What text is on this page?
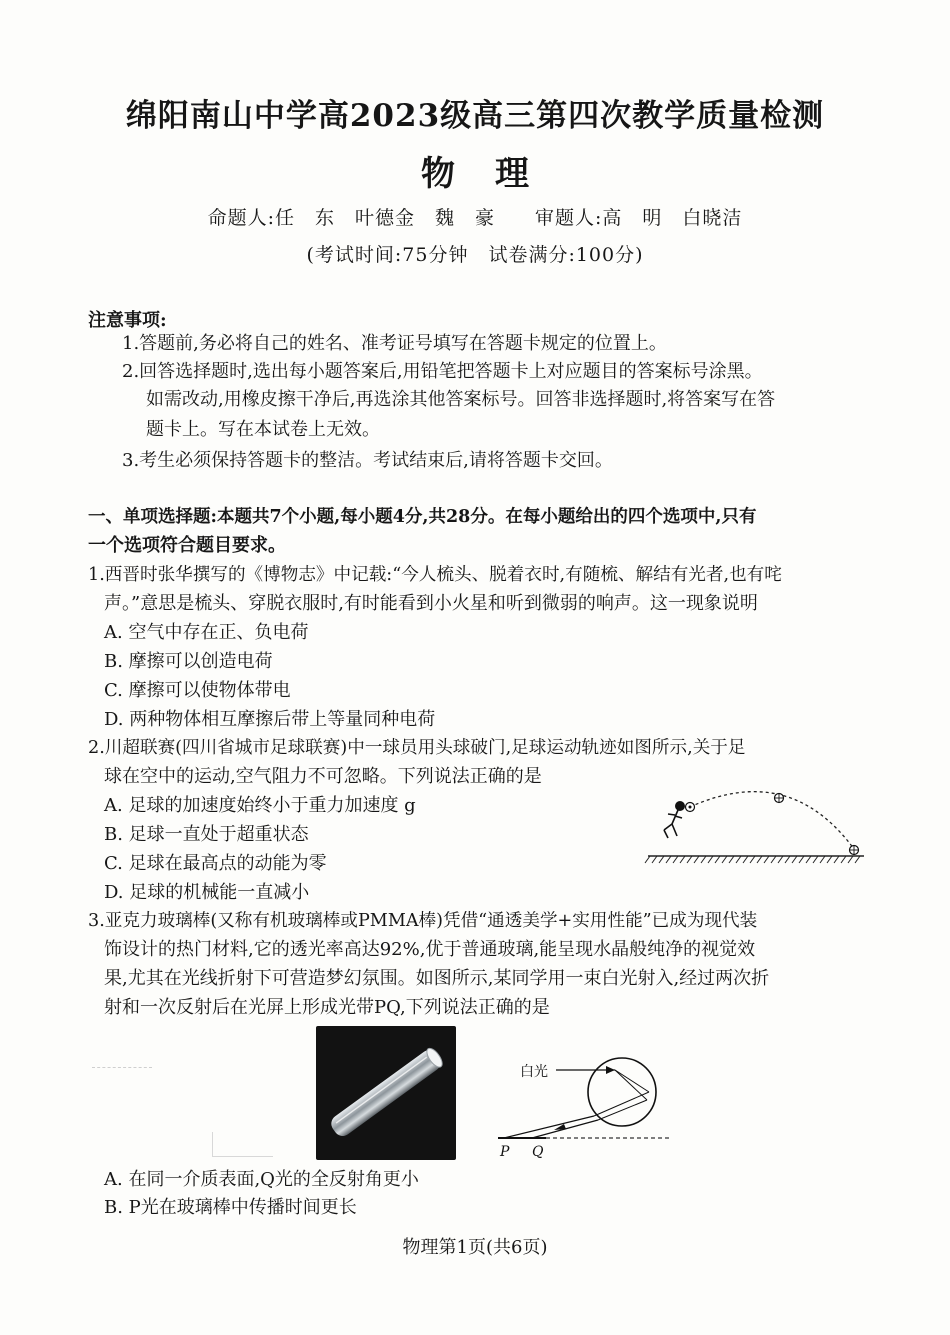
绵阳南山中学高2023级高三第四次教学质量检测
物理
命题人:任　东　叶德金　魏　豪　　审题人:高　明　白晓洁
(考试时间:75分钟　试卷满分:100分)
注意事项:
1.答题前,务必将自己的姓名、准考证号填写在答题卡规定的位置上。
2.回答选择题时,选出每小题答案后,用铅笔把答题卡上对应题目的答案标号涂黑。
如需改动,用橡皮擦干净后,再选涂其他答案标号。回答非选择题时,将答案写在答
题卡上。写在本试卷上无效。
3.考生必须保持答题卡的整洁。考试结束后,请将答题卡交回。
一、单项选择题:本题共7个小题,每小题4分,共28分。在每小题给出的四个选项中,只有
一个选项符合题目要求。
1.西晋时张华撰写的《博物志》中记载:“今人梳头、脱着衣时,有随梳、解结有光者,也有咤
声。”意思是梳头、穿脱衣服时,有时能看到小火星和听到微弱的响声。这一现象说明
A. 空气中存在正、负电荷
B. 摩擦可以创造电荷
C. 摩擦可以使物体带电
D. 两种物体相互摩擦后带上等量同种电荷
2.川超联赛(四川省城市足球联赛)中一球员用头球破门,足球运动轨迹如图所示,关于足
球在空中的运动,空气阻力不可忽略。下列说法正确的是
A. 足球的加速度始终小于重力加速度 g
B. 足球一直处于超重状态
C. 足球在最高点的动能为零
D. 足球的机械能一直减小
3.亚克力玻璃棒(又称有机玻璃棒或PMMA棒)凭借“通透美学+实用性能”已成为现代装
饰设计的热门材料,它的透光率高达92%,优于普通玻璃,能呈现水晶般纯净的视觉效
果,尤其在光线折射下可营造梦幻氛围。如图所示,某同学用一束白光射入,经过两次折
射和一次反射后在光屏上形成光带PQ,下列说法正确的是
白光
P Q
A. 在同一介质表面,Q光的全反射角更小
B. P光在玻璃棒中传播时间更长
物理第1页(共6页)
